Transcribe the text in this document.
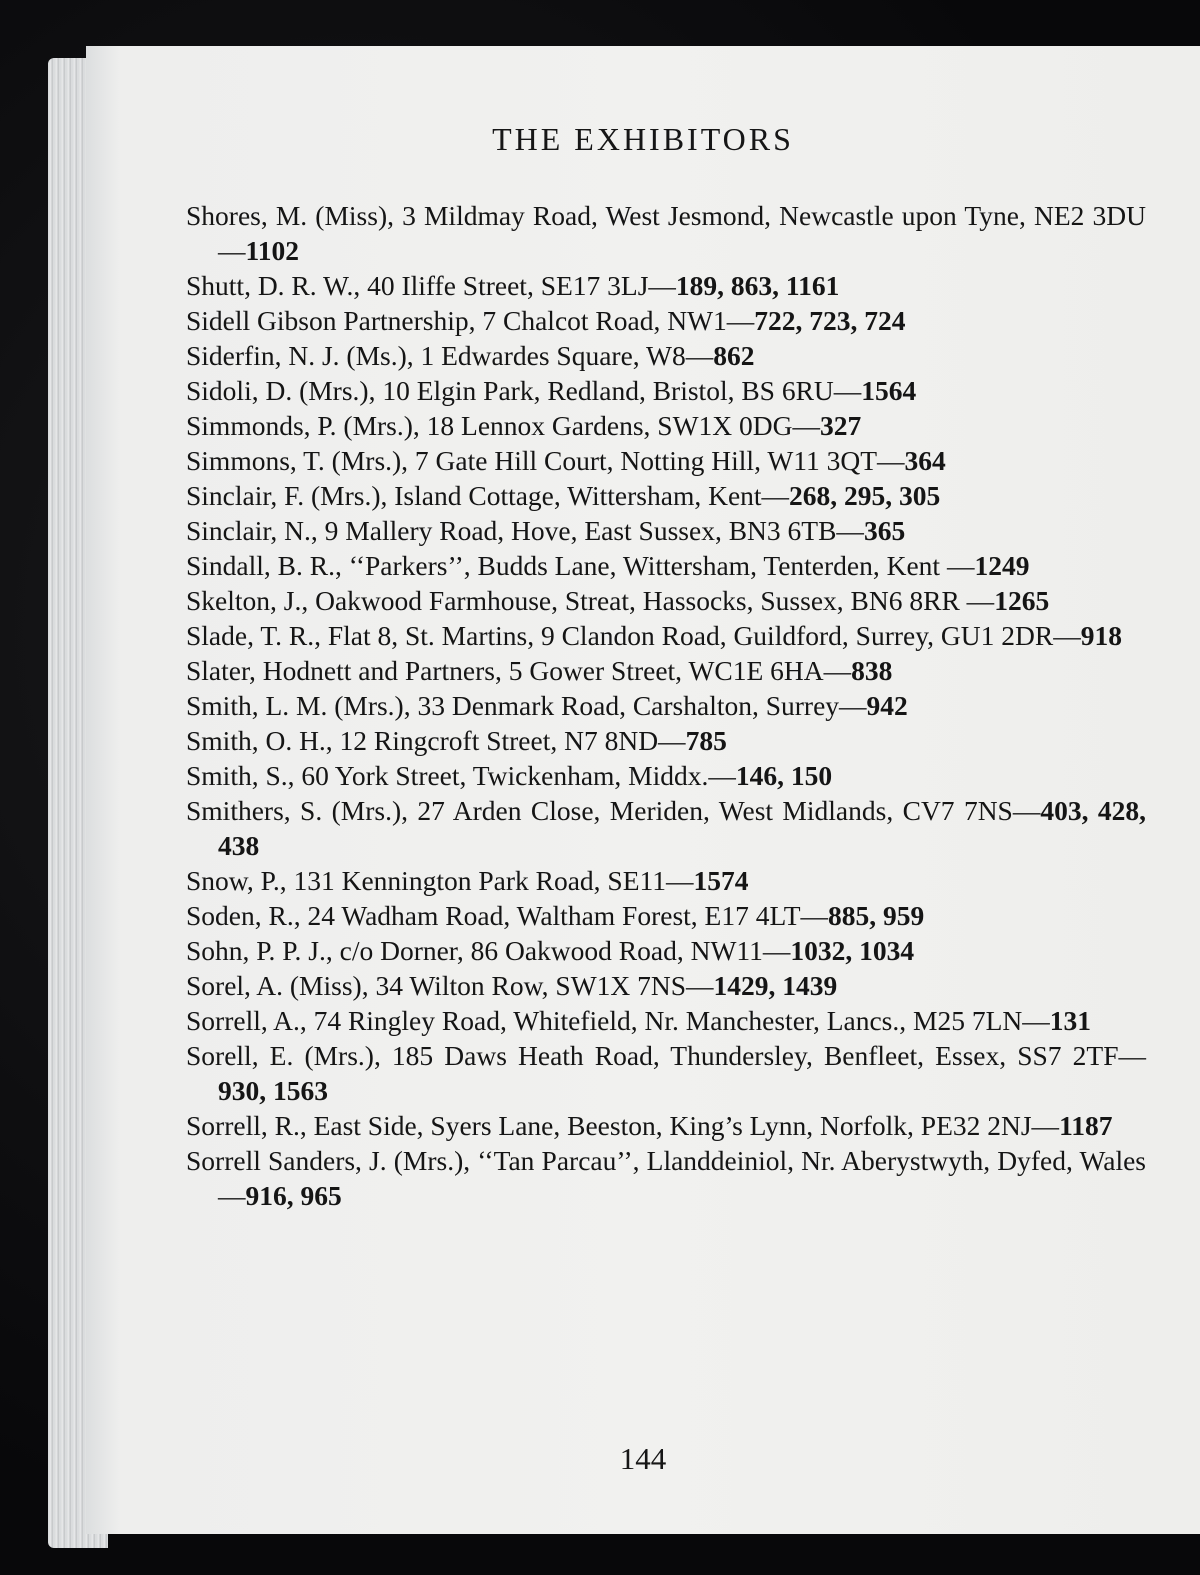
THE EXHIBITORS
Shores, M. (Miss), 3 Mildmay Road, West Jesmond, Newcastle upon Tyne, NE2 3DU—1102
Shutt, D. R. W., 40 Iliffe Street, SE17 3LJ—189, 863, 1161
Sidell Gibson Partnership, 7 Chalcot Road, NW1—722, 723, 724
Siderfin, N. J. (Ms.), 1 Edwardes Square, W8—862
Sidoli, D. (Mrs.), 10 Elgin Park, Redland, Bristol, BS 6RU—1564
Simmonds, P. (Mrs.), 18 Lennox Gardens, SW1X 0DG—327
Simmons, T. (Mrs.), 7 Gate Hill Court, Notting Hill, W11 3QT—364
Sinclair, F. (Mrs.), Island Cottage, Wittersham, Kent—268, 295, 305
Sinclair, N., 9 Mallery Road, Hove, East Sussex, BN3 6TB—365
Sindall, B. R., ‘‘Parkers’’, Budds Lane, Wittersham, Tenterden, Kent —1249
Skelton, J., Oakwood Farmhouse, Streat, Hassocks, Sussex, BN6 8RR —1265
Slade, T. R., Flat 8, St. Martins, 9 Clandon Road, Guildford, Surrey, GU1 2DR—918
Slater, Hodnett and Partners, 5 Gower Street, WC1E 6HA—838
Smith, L. M. (Mrs.), 33 Denmark Road, Carshalton, Surrey—942
Smith, O. H., 12 Ringcroft Street, N7 8ND—785
Smith, S., 60 York Street, Twickenham, Middx.—146, 150
Smithers, S. (Mrs.), 27 Arden Close, Meriden, West Midlands, CV7 7NS—403, 428, 438
Snow, P., 131 Kennington Park Road, SE11—1574
Soden, R., 24 Wadham Road, Waltham Forest, E17 4LT—885, 959
Sohn, P. P. J., c/o Dorner, 86 Oakwood Road, NW11—1032, 1034
Sorel, A. (Miss), 34 Wilton Row, SW1X 7NS—1429, 1439
Sorrell, A., 74 Ringley Road, Whitefield, Nr. Manchester, Lancs., M25 7LN—131
Sorell, E. (Mrs.), 185 Daws Heath Road, Thundersley, Benfleet, Essex, SS7 2TF—930, 1563
Sorrell, R., East Side, Syers Lane, Beeston, King’s Lynn, Norfolk, PE32 2NJ—1187
Sorrell Sanders, J. (Mrs.), ‘‘Tan Parcau’’, Llanddeiniol, Nr. Aberystwyth, Dyfed, Wales—916, 965
144
